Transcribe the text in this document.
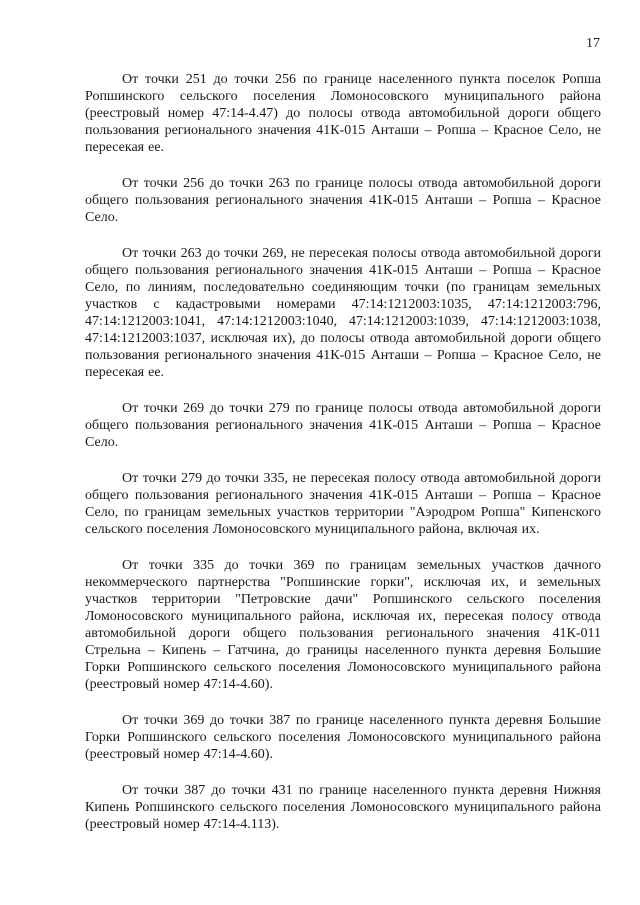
17

От точки 251 до точки 256 по границе населенного пункта поселок Ропша Ропшинского сельского поселения Ломоносовского муниципального района (реестровый номер 47:14-4.47) до полосы отвода автомобильной дороги общего пользования регионального значения 41К-015 Анташи – Ропша – Красное Село, не пересекая ее.

От точки 256 до точки 263 по границе полосы отвода автомобильной дороги общего пользования регионального значения 41К-015 Анташи – Ропша – Красное Село.

От точки 263 до точки 269, не пересекая полосы отвода автомобильной дороги общего пользования регионального значения 41К-015 Анташи – Ропша – Красное Село, по линиям, последовательно соединяющим точки (по границам земельных участков с кадастровыми номерами 47:14:1212003:1035, 47:14:1212003:796, 47:14:1212003:1041, 47:14:1212003:1040, 47:14:1212003:1039, 47:14:1212003:1038, 47:14:1212003:1037, исключая их), до полосы отвода автомобильной дороги общего пользования регионального значения 41К-015 Анташи – Ропша – Красное Село, не пересекая ее.

От точки 269 до точки 279 по границе полосы отвода автомобильной дороги общего пользования регионального значения 41К-015 Анташи – Ропша – Красное Село.

От точки 279 до точки 335, не пересекая полосу отвода автомобильной дороги общего пользования регионального значения 41К-015 Анташи – Ропша – Красное Село, по границам земельных участков территории "Аэродром Ропша" Кипенского сельского поселения Ломоносовского муниципального района, включая их.

От точки 335 до точки 369 по границам земельных участков дачного некоммерческого партнерства "Ропшинские горки", исключая их, и земельных участков территории "Петровские дачи" Ропшинского сельского поселения Ломоносовского муниципального района, исключая их, пересекая полосу отвода автомобильной дороги общего пользования регионального значения 41К-011 Стрельна – Кипень – Гатчина, до границы населенного пункта деревня Большие Горки Ропшинского сельского поселения Ломоносовского муниципального района (реестровый номер 47:14-4.60).

От точки 369 до точки 387 по границе населенного пункта деревня Большие Горки Ропшинского сельского поселения Ломоносовского муниципального района (реестровый номер 47:14-4.60).

От точки 387 до точки 431 по границе населенного пункта деревня Нижняя Кипень Ропшинского сельского поселения Ломоносовского муниципального района (реестровый номер 47:14-4.113).
